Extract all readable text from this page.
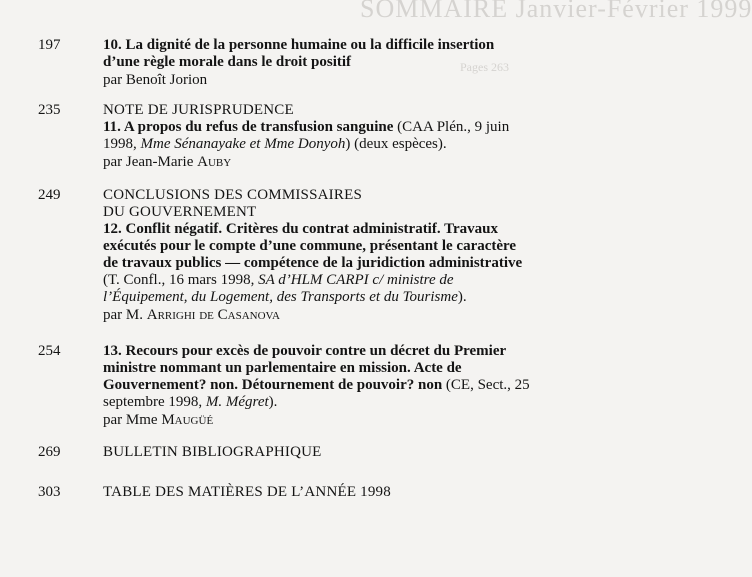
SOMMAIRE Janvier-Février 1999
Pages 263
197	10. La dignité de la personne humaine ou la difficile insertion d’une règle morale dans le droit positif
par Benoît Jorion
235	NOTE DE JURISPRUDENCE
11. A propos du refus de transfusion sanguine (CAA Plén., 9 juin 1998, Mme Sénanayake et Mme Donyoh) (deux espèces).
par Jean-Marie Auby
249	CONCLUSIONS DES COMMISSAIRES
DU GOUVERNEMENT
12. Conflit négatif. Critères du contrat administratif. Travaux exécutés pour le compte d’une commune, présentant le caractère de travaux publics — compétence de la juridiction administrative (T. Confl., 16 mars 1998, SA d’HLM CARPI c/ ministre de l’Équipement, du Logement, des Transports et du Tourisme).
par M. Arrighi de Casanova
254	13. Recours pour excès de pouvoir contre un décret du Premier ministre nommant un parlementaire en mission. Acte de Gouvernement? non. Détournement de pouvoir? non (CE, Sect., 25 septembre 1998, M. Mégret).
par Mme Maugüé
269	BULLETIN BIBLIOGRAPHIQUE
303	TABLE DES MATIÈRES DE L’ANNÉE 1998
